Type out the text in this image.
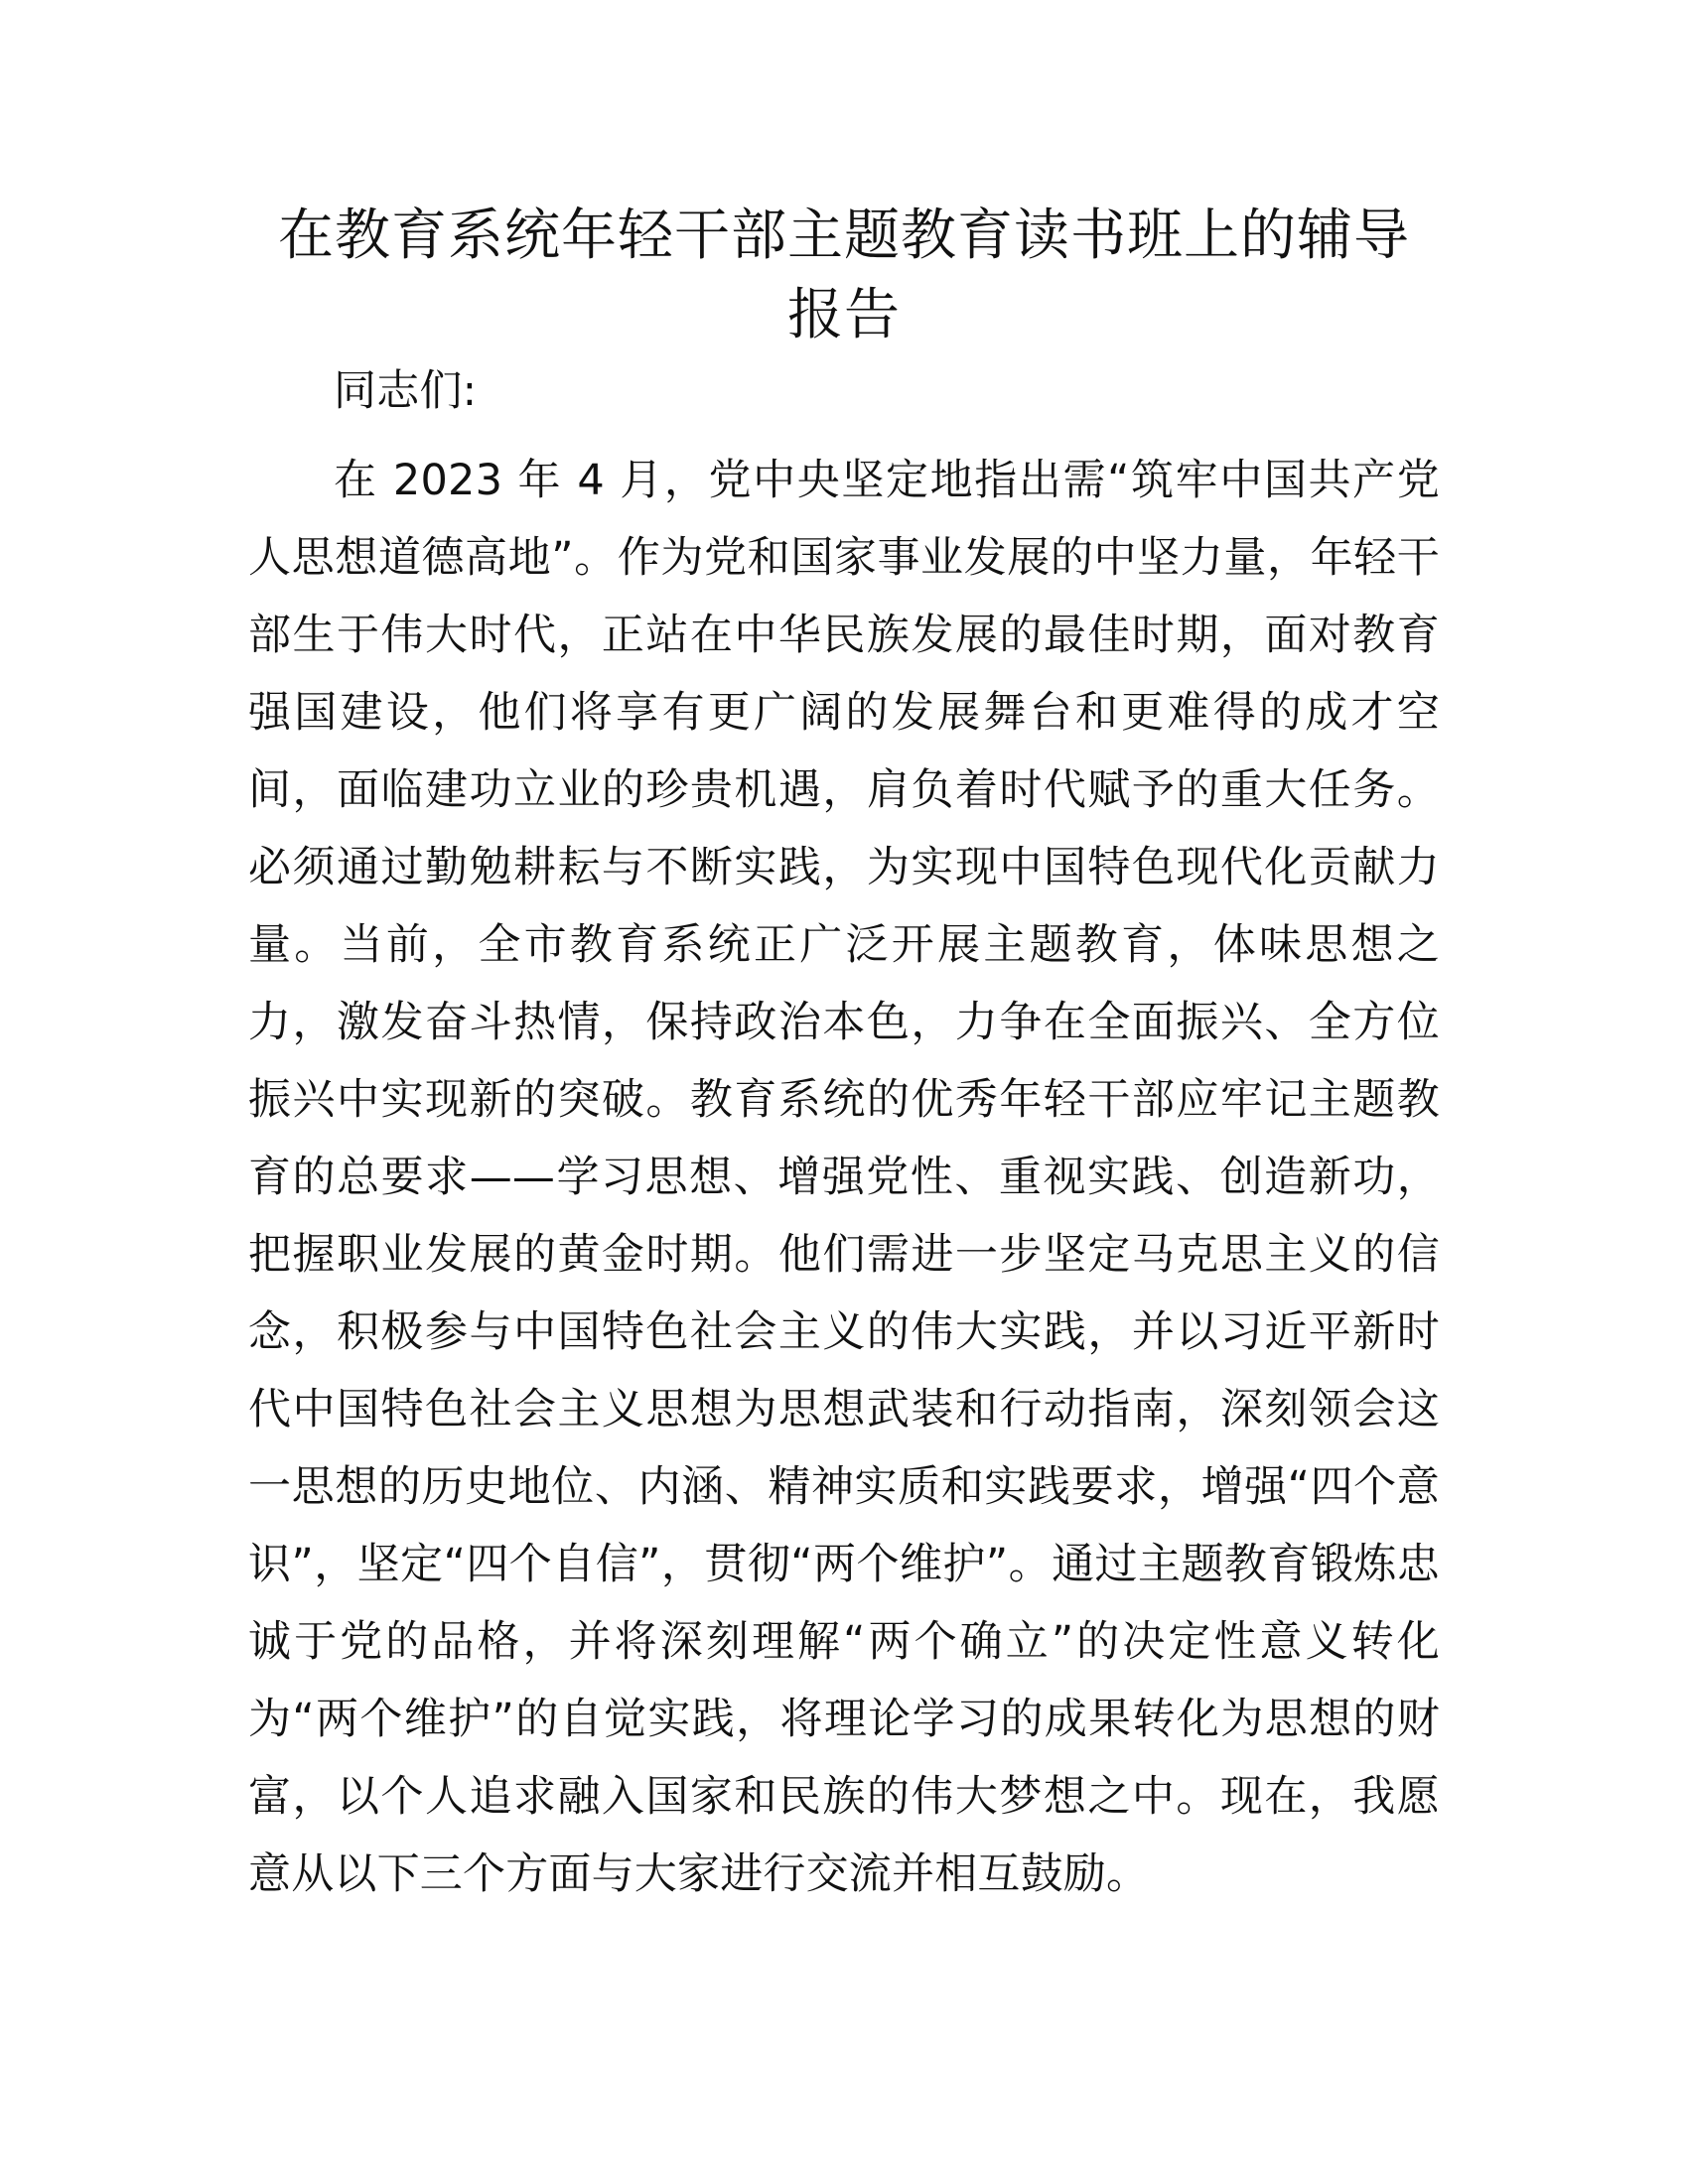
在教育系统年轻干部主题教育读书班上的辅导
报告

同志们:

在 2023 年 4 月，党中央坚定地指出需“筑牢中国共产党人思想道德高地”。作为党和国家事业发展的中坚力量，年轻干部生于伟大时代，正站在中华民族发展的最佳时期，面对教育强国建设，他们将享有更广阔的发展舞台和更难得的成才空间，面临建功立业的珍贵机遇，肩负着时代赋予的重大任务。必须通过勤勉耕耘与不断实践，为实现中国特色现代化贡献力量。当前，全市教育系统正广泛开展主题教育，体味思想之力，激发奋斗热情，保持政治本色，力争在全面振兴、全方位振兴中实现新的突破。教育系统的优秀年轻干部应牢记主题教育的总要求——学习思想、增强党性、重视实践、创造新功，把握职业发展的黄金时期。他们需进一步坚定马克思主义的信念，积极参与中国特色社会主义的伟大实践，并以习近平新时代中国特色社会主义思想为思想武装和行动指南，深刻领会这一思想的历史地位、内涵、精神实质和实践要求，增强“四个意识”，坚定“四个自信”，贯彻“两个维护”。通过主题教育锻炼忠诚于党的品格，并将深刻理解“两个确立”的决定性意义转化为“两个维护”的自觉实践，将理论学习的成果转化为思想的财富，以个人追求融入国家和民族的伟大梦想之中。现在，我愿意从以下三个方面与大家进行交流并相互鼓励。
